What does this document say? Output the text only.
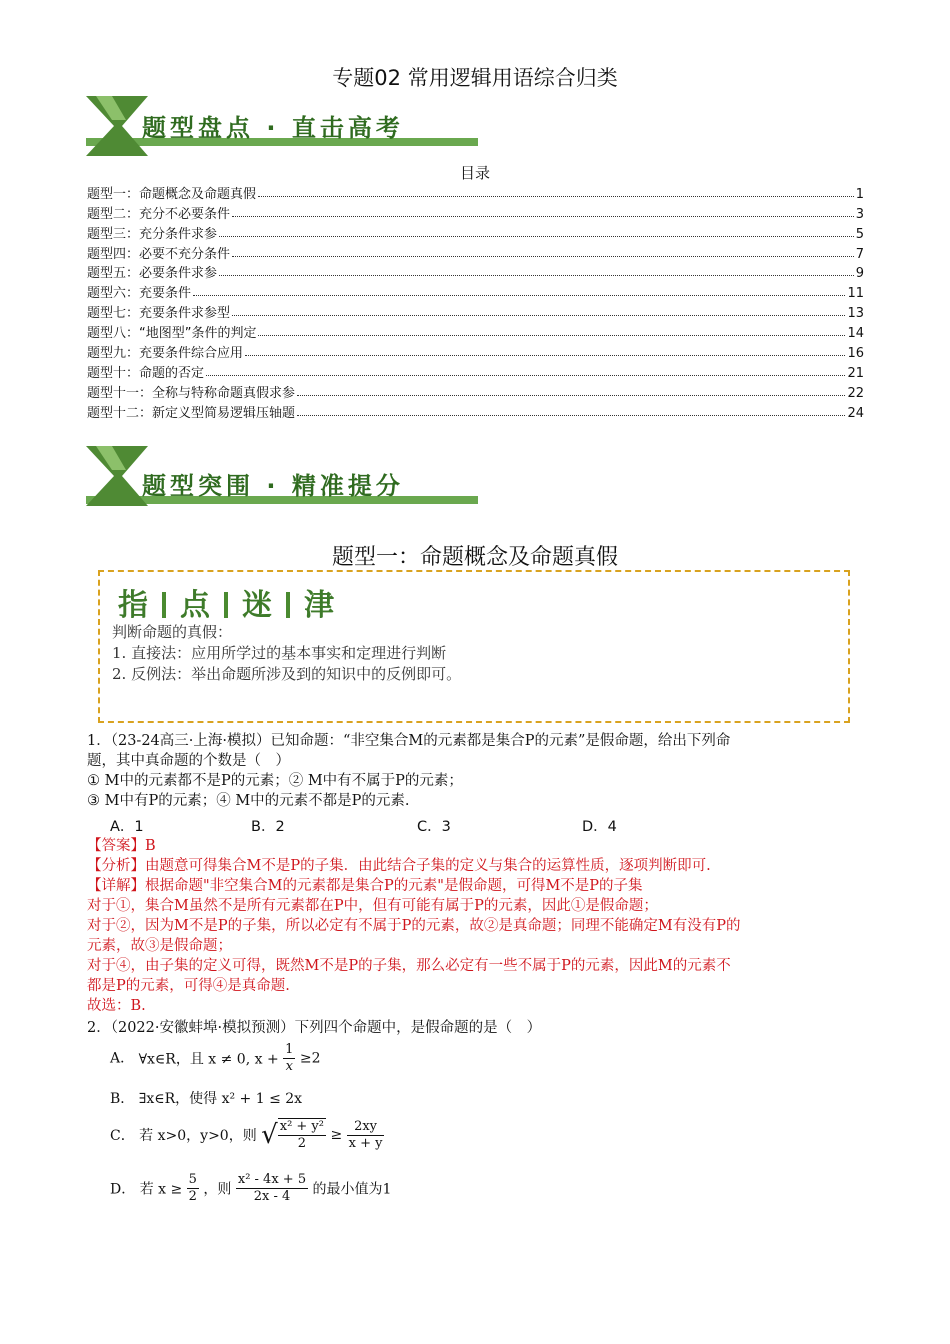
专题02 常用逻辑用语综合归类
题型盘点 · 直击高考
目录
题型一：命题概念及命题真假	1
题型二：充分不必要条件	3
题型三：充分条件求参	5
题型四：必要不充分条件	7
题型五：必要条件求参	9
题型六：充要条件	11
题型七：充要条件求参型	13
题型八：“地图型”条件的判定	14
题型九：充要条件综合应用	16
题型十：命题的否定	21
题型十一：全称与特称命题真假求参	22
题型十二：新定义型简易逻辑压轴题	24
题型突围 · 精准提分
题型一：命题概念及命题真假
指 点 迷 津
判断命题的真假：
1. 直接法：应用所学过的基本事实和定理进行判断
2. 反例法：举出命题所涉及到的知识中的反例即可。
1．（23-24高三·上海·模拟）已知命题：“非空集合M的元素都是集合P的元素”是假命题，给出下列命
题，其中真命题的个数是（　）
① M中的元素都不是P的元素；② M中有不属于P的元素；
③ M中有P的元素；④ M中的元素不都是P的元素.
A．1	B．2	C．3	D．4
【答案】B
【分析】由题意可得集合M不是P的子集．由此结合子集的定义与集合的运算性质，逐项判断即可.
【详解】根据命题"非空集合M的元素都是集合P的元素"是假命题，可得M不是P的子集
对于①，集合M虽然不是所有元素都在P中，但有可能有属于P的元素，因此①是假命题；
对于②，因为M不是P的子集，所以必定有不属于P的元素，故②是真命题；同理不能确定M有没有P的
元素，故③是假命题；
对于④，由子集的定义可得，既然M不是P的子集，那么必定有一些不属于P的元素，因此M的元素不
都是P的元素，可得④是真命题.
故选：B.
2．（2022·安徽蚌埠·模拟预测）下列四个命题中，是假命题的是（　）
A． ∀x∈R，且 x ≠ 0, $x + \frac{1}{x} \ge 2$
B． ∃x∈R，使得 x² + 1 ≤ 2x
C． 若 x>0，y>0，则 √ $\frac{\text{x² + y²}}{2} \ge \frac{2xy}{x + y}$
D． 若 $x \ge \frac{5}{2}$ ，则 $\frac{\text{x² - 4x + 5}}{2x - 4}$ 的最小值为1
